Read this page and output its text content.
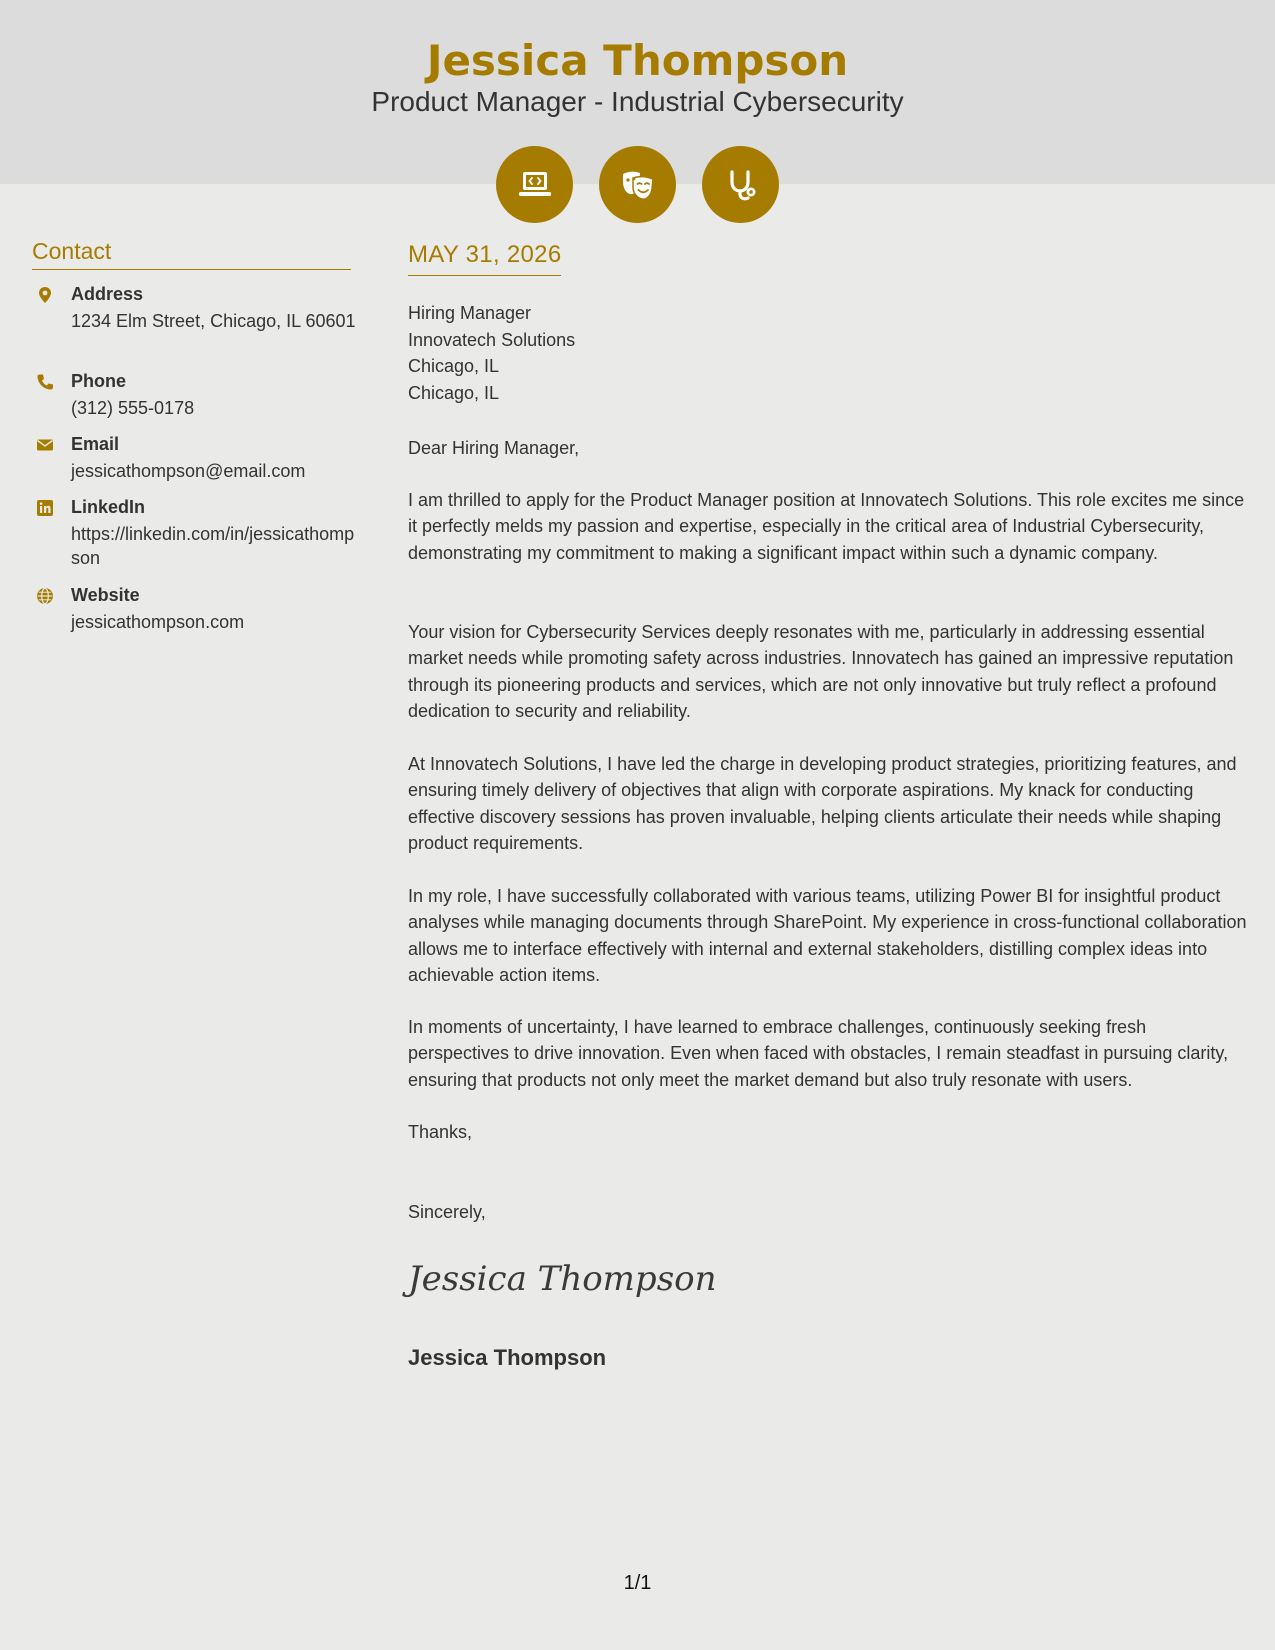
Jessica Thompson
Product Manager - Industrial Cybersecurity
Contact
Address
1234 Elm Street, Chicago, IL 60601
Phone
(312) 555-0178
Email
jessicathompson@email.com
LinkedIn
https://linkedin.com/in/jessicathompson
Website
jessicathompson.com
MAY 31, 2026
Hiring Manager
Innovatech Solutions
Chicago, IL
Chicago, IL
Dear Hiring Manager,
I am thrilled to apply for the Product Manager position at Innovatech Solutions. This role excites me since it perfectly melds my passion and expertise, especially in the critical area of Industrial Cybersecurity, demonstrating my commitment to making a significant impact within such a dynamic company.
Your vision for Cybersecurity Services deeply resonates with me, particularly in addressing essential market needs while promoting safety across industries. Innovatech has gained an impressive reputation through its pioneering products and services, which are not only innovative but truly reflect a profound dedication to security and reliability.
At Innovatech Solutions, I have led the charge in developing product strategies, prioritizing features, and ensuring timely delivery of objectives that align with corporate aspirations. My knack for conducting effective discovery sessions has proven invaluable, helping clients articulate their needs while shaping product requirements.
In my role, I have successfully collaborated with various teams, utilizing Power BI for insightful product analyses while managing documents through SharePoint. My experience in cross-functional collaboration allows me to interface effectively with internal and external stakeholders, distilling complex ideas into achievable action items.
In moments of uncertainty, I have learned to embrace challenges, continuously seeking fresh perspectives to drive innovation. Even when faced with obstacles, I remain steadfast in pursuing clarity, ensuring that products not only meet the market demand but also truly resonate with users.
Thanks,
Sincerely,
Jessica Thompson
Jessica Thompson
1/1
